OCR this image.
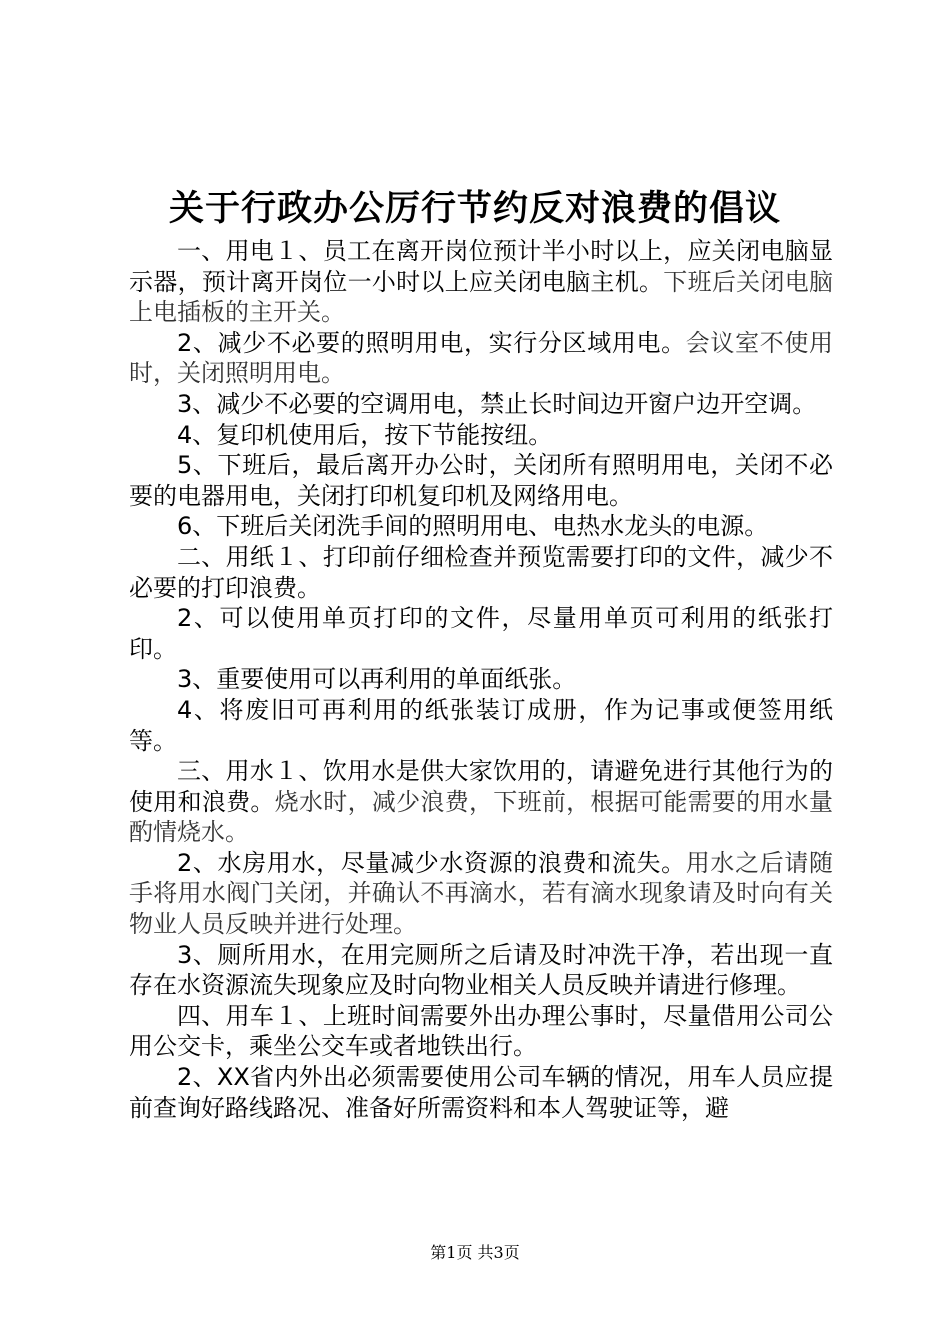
关于行政办公厉行节约反对浪费的倡议

一、用电１、员工在离开岗位预计半小时以上，应关闭电脑显示器，预计离开岗位一小时以上应关闭电脑主机。下班后关闭电脑上电插板的主开关。

2、减少不必要的照明用电，实行分区域用电。会议室不使用时，关闭照明用电。

3、减少不必要的空调用电，禁止长时间边开窗户边开空调。

4、复印机使用后，按下节能按纽。

5、下班后，最后离开办公时，关闭所有照明用电，关闭不必要的电器用电，关闭打印机复印机及网络用电。

6、下班后关闭洗手间的照明用电、电热水龙头的电源。

二、用纸１、打印前仔细检查并预览需要打印的文件，减少不必要的打印浪费。

2、可以使用单页打印的文件，尽量用单页可利用的纸张打印。

3、重要使用可以再利用的单面纸张。

4、将废旧可再利用的纸张装订成册，作为记事或便签用纸等。

三、用水１、饮用水是供大家饮用的，请避免进行其他行为的使用和浪费。烧水时，减少浪费，下班前，根据可能需要的用水量酌情烧水。

2、水房用水，尽量减少水资源的浪费和流失。用水之后请随手将用水阀门关闭，并确认不再滴水，若有滴水现象请及时向有关物业人员反映并进行处理。

3、厕所用水，在用完厕所之后请及时冲洗干净，若出现一直存在水资源流失现象应及时向物业相关人员反映并请进行修理。

四、用车１、上班时间需要外出办理公事时，尽量借用公司公用公交卡，乘坐公交车或者地铁出行。

2、XX省内外出必须需要使用公司车辆的情况，用车人员应提前查询好路线路况、准备好所需资料和本人驾驶证等，避

第1页 共3页
